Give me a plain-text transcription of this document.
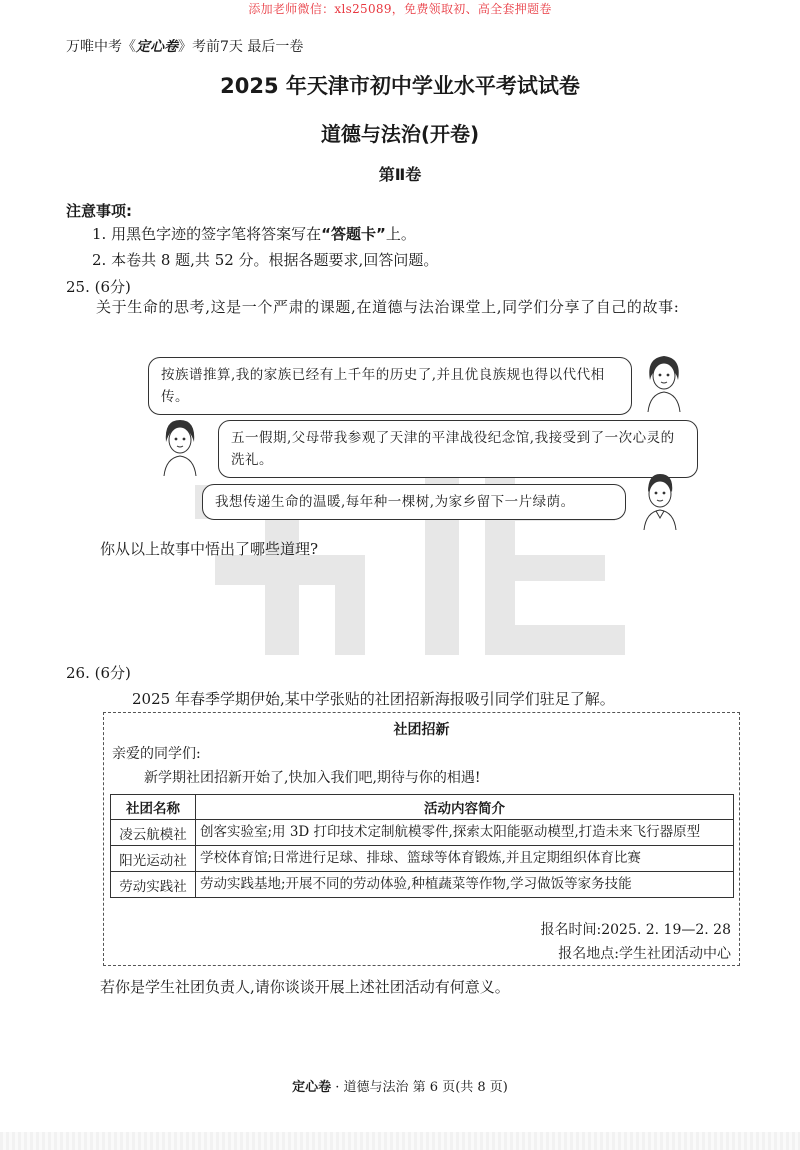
添加老师微信：xls25089，免费领取初、高全套押题卷
万唯中考《定心卷》考前7天 最后一卷
2025 年天津市初中学业水平考试试卷
道德与法治(开卷)
第Ⅱ卷
注意事项:
1. 用黑色字迹的签字笔将答案写在“答题卡”上。
2. 本卷共 8 题,共 52 分。根据各题要求,回答问题。
25. (6分)
关于生命的思考,这是一个严肃的课题,在道德与法治课堂上,同学们分享了自己的故事:
按族谱推算,我的家族已经有上千年的历史了,并且优良族规也得以代代相传。
五一假期,父母带我参观了天津的平津战役纪念馆,我接受到了一次心灵的洗礼。
我想传递生命的温暖,每年种一棵树,为家乡留下一片绿荫。
你从以上故事中悟出了哪些道理?
26. (6分)
2025 年春季学期伊始,某中学张贴的社团招新海报吸引同学们驻足了解。
社团招新
亲爱的同学们:
新学期社团招新开始了,快加入我们吧,期待与你的相遇!
社团名称	活动内容简介
凌云航模社	创客实验室;用 3D 打印技术定制航模零件,探索太阳能驱动模型,打造未来飞行器原型
阳光运动社	学校体育馆;日常进行足球、排球、篮球等体育锻炼,并且定期组织体育比赛
劳动实践社	劳动实践基地;开展不同的劳动体验,种植蔬菜等作物,学习做饭等家务技能
报名时间:2025. 2. 19—2. 28
报名地点:学生社团活动中心
若你是学生社团负责人,请你谈谈开展上述社团活动有何意义。
定心卷 · 道德与法治 第 6 页(共 8 页)
